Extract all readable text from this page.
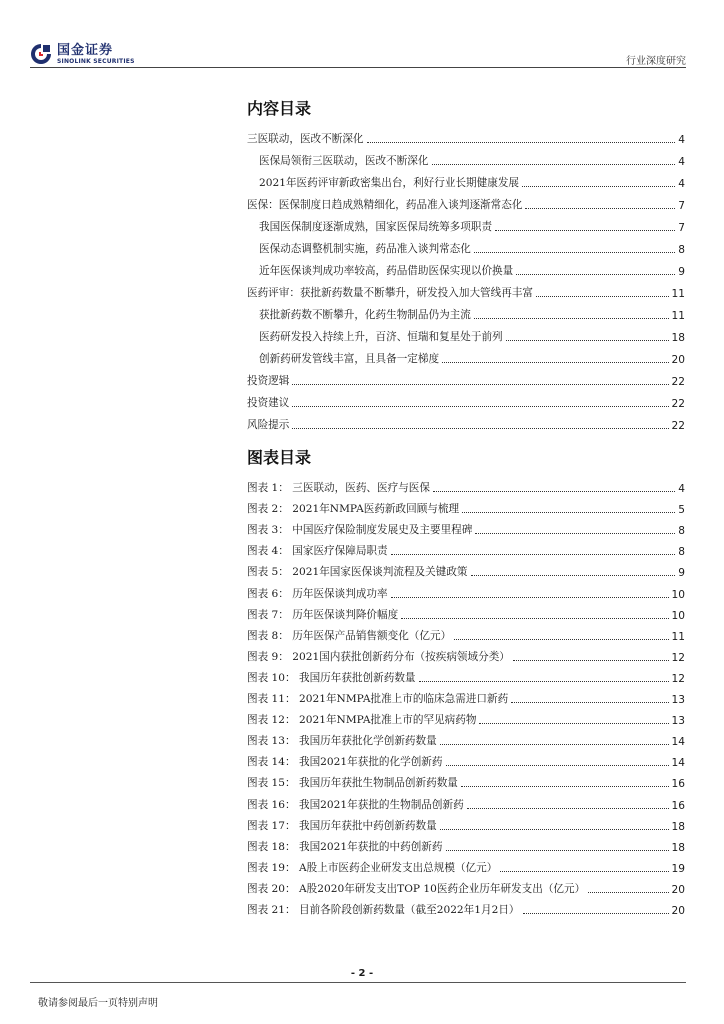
国金证券
SINOLINK SECURITIES	行业深度研究
内容目录
三医联动，医改不断深化	4
医保局领衔三医联动，医改不断深化	4
2021年医药评审新政密集出台，利好行业长期健康发展	4
医保：医保制度日趋成熟精细化，药品准入谈判逐渐常态化	7
我国医保制度逐渐成熟，国家医保局统筹多项职责	7
医保动态调整机制实施，药品准入谈判常态化	8
近年医保谈判成功率较高，药品借助医保实现以价换量	9
医药评审：获批新药数量不断攀升，研发投入加大管线再丰富	11
获批新药数不断攀升，化药生物制品仍为主流	11
医药研发投入持续上升，百济、恒瑞和复星处于前列	18
创新药研发管线丰富，且具备一定梯度	20
投资逻辑	22
投资建议	22
风险提示	22
图表目录
图表 1： 三医联动，医药、医疗与医保	4
图表 2： 2021年NMPA医药新政回顾与梳理	5
图表 3： 中国医疗保险制度发展史及主要里程碑	8
图表 4： 国家医疗保障局职责	8
图表 5： 2021年国家医保谈判流程及关键政策	9
图表 6： 历年医保谈判成功率	10
图表 7： 历年医保谈判降价幅度	10
图表 8： 历年医保产品销售额变化（亿元）	11
图表 9： 2021国内获批创新药分布（按疾病领域分类）	12
图表 10： 我国历年获批创新药数量	12
图表 11： 2021年NMPA批准上市的临床急需进口新药	13
图表 12： 2021年NMPA批准上市的罕见病药物	13
图表 13： 我国历年获批化学创新药数量	14
图表 14： 我国2021年获批的化学创新药	14
图表 15： 我国历年获批生物制品创新药数量	16
图表 16： 我国2021年获批的生物制品创新药	16
图表 17： 我国历年获批中药创新药数量	18
图表 18： 我国2021年获批的中药创新药	18
图表 19： A股上市医药企业研发支出总规模（亿元）	19
图表 20： A股2020年研发支出TOP 10医药企业历年研发支出（亿元）	20
图表 21： 目前各阶段创新药数量（截至2022年1月2日）	20
- 2 -
敬请参阅最后一页特别声明
